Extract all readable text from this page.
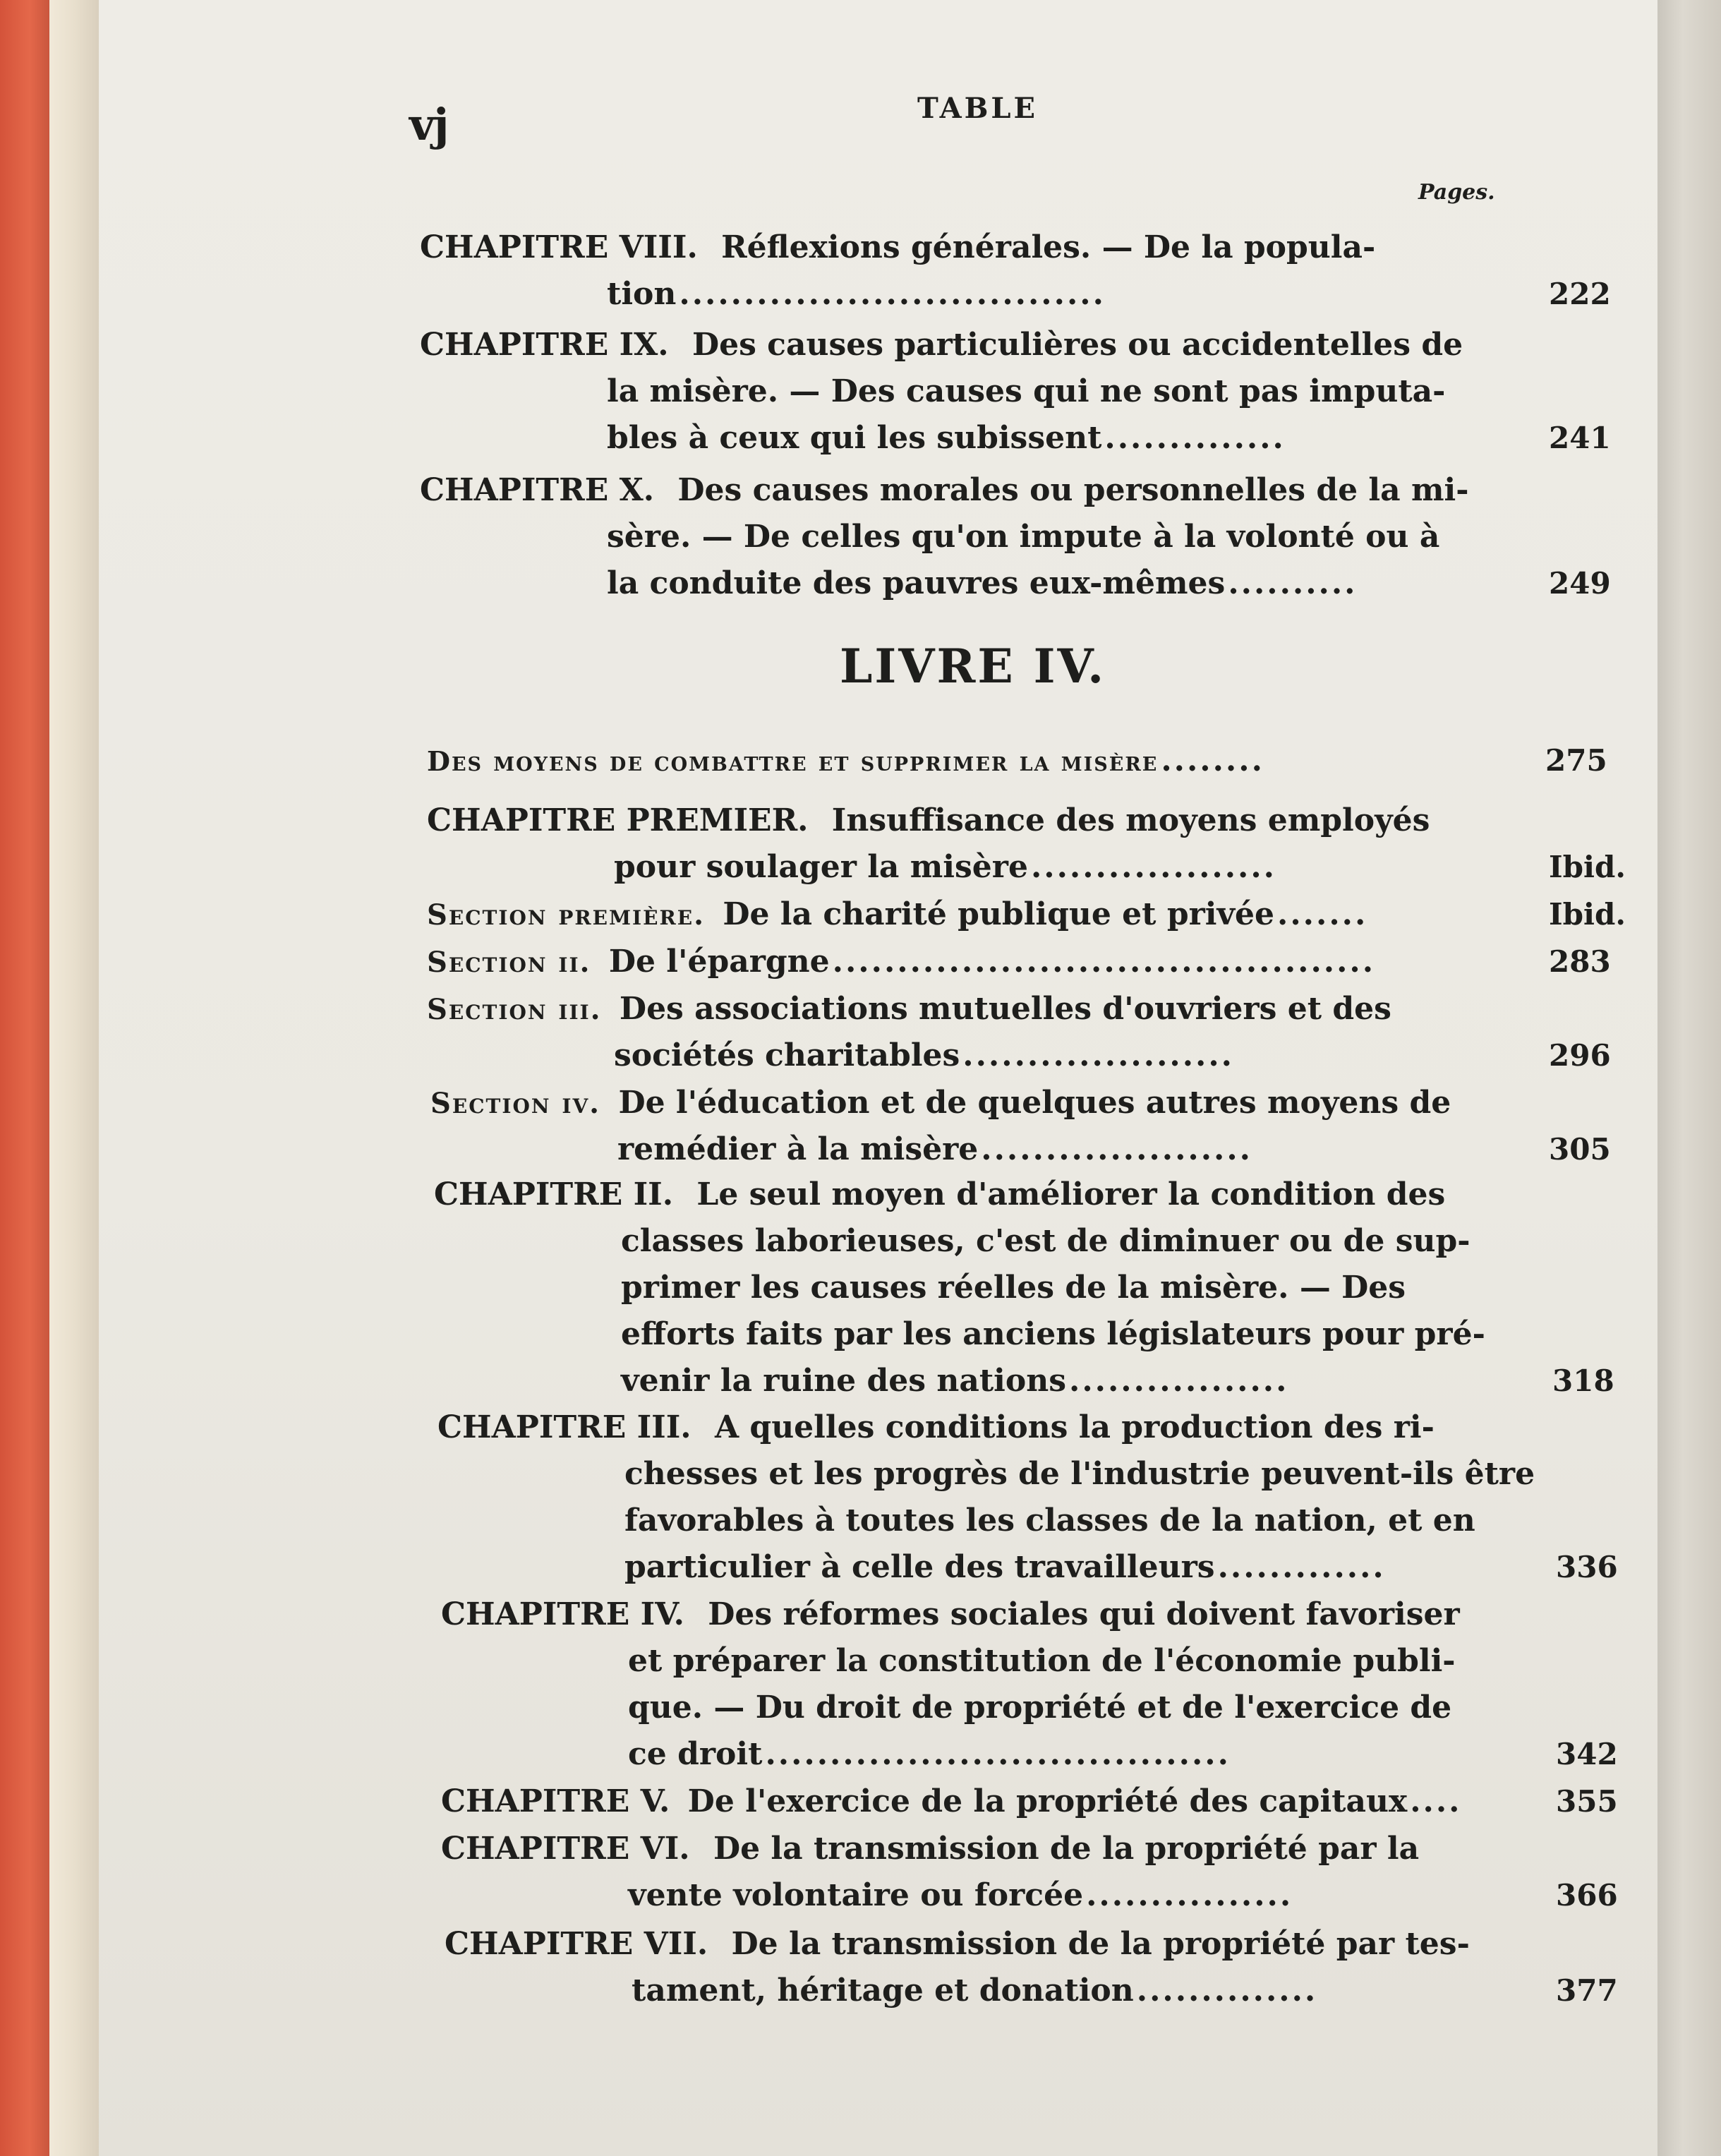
vj	TABLE
Pages.
CHAPITRE VIII. Réflexions générales. — De la popula-
tion.................................	222
CHAPITRE IX. Des causes particulières ou accidentelles de
la misère. — Des causes qui ne sont pas imputa-
bles à ceux qui les subissent..............	241
CHAPITRE X. Des causes morales ou personnelles de la mi-
sère. — De celles qu'on impute à la volonté ou à
la conduite des pauvres eux-mêmes..........	249
LIVRE IV.
Des moyens de combattre et supprimer la misère........	275
CHAPITRE PREMIER. Insuffisance des moyens employés
pour soulager la misère...................	Ibid.
Section première. De la charité publique et privée.......	Ibid.
Section ii. De l'épargne..........................................	283
Section iii. Des associations mutuelles d'ouvriers et des
sociétés charitables.....................	296
Section iv. De l'éducation et de quelques autres moyens de
remédier à la misère.....................	305
CHAPITRE II. Le seul moyen d'améliorer la condition des
classes laborieuses, c'est de diminuer ou de sup-
primer les causes réelles de la misère. — Des
efforts faits par les anciens législateurs pour pré-
venir la ruine des nations.................	318
CHAPITRE III. A quelles conditions la production des ri-
chesses et les progrès de l'industrie peuvent-ils être
favorables à toutes les classes de la nation, et en
particulier à celle des travailleurs.............	336
CHAPITRE IV. Des réformes sociales qui doivent favoriser
et préparer la constitution de l'économie publi-
que. — Du droit de propriété et de l'exercice de
ce droit....................................	342
CHAPITRE V. De l'exercice de la propriété des capitaux....	355
CHAPITRE VI. De la transmission de la propriété par la
vente volontaire ou forcée................	366
CHAPITRE VII. De la transmission de la propriété par tes-
tament, héritage et donation..............	377
